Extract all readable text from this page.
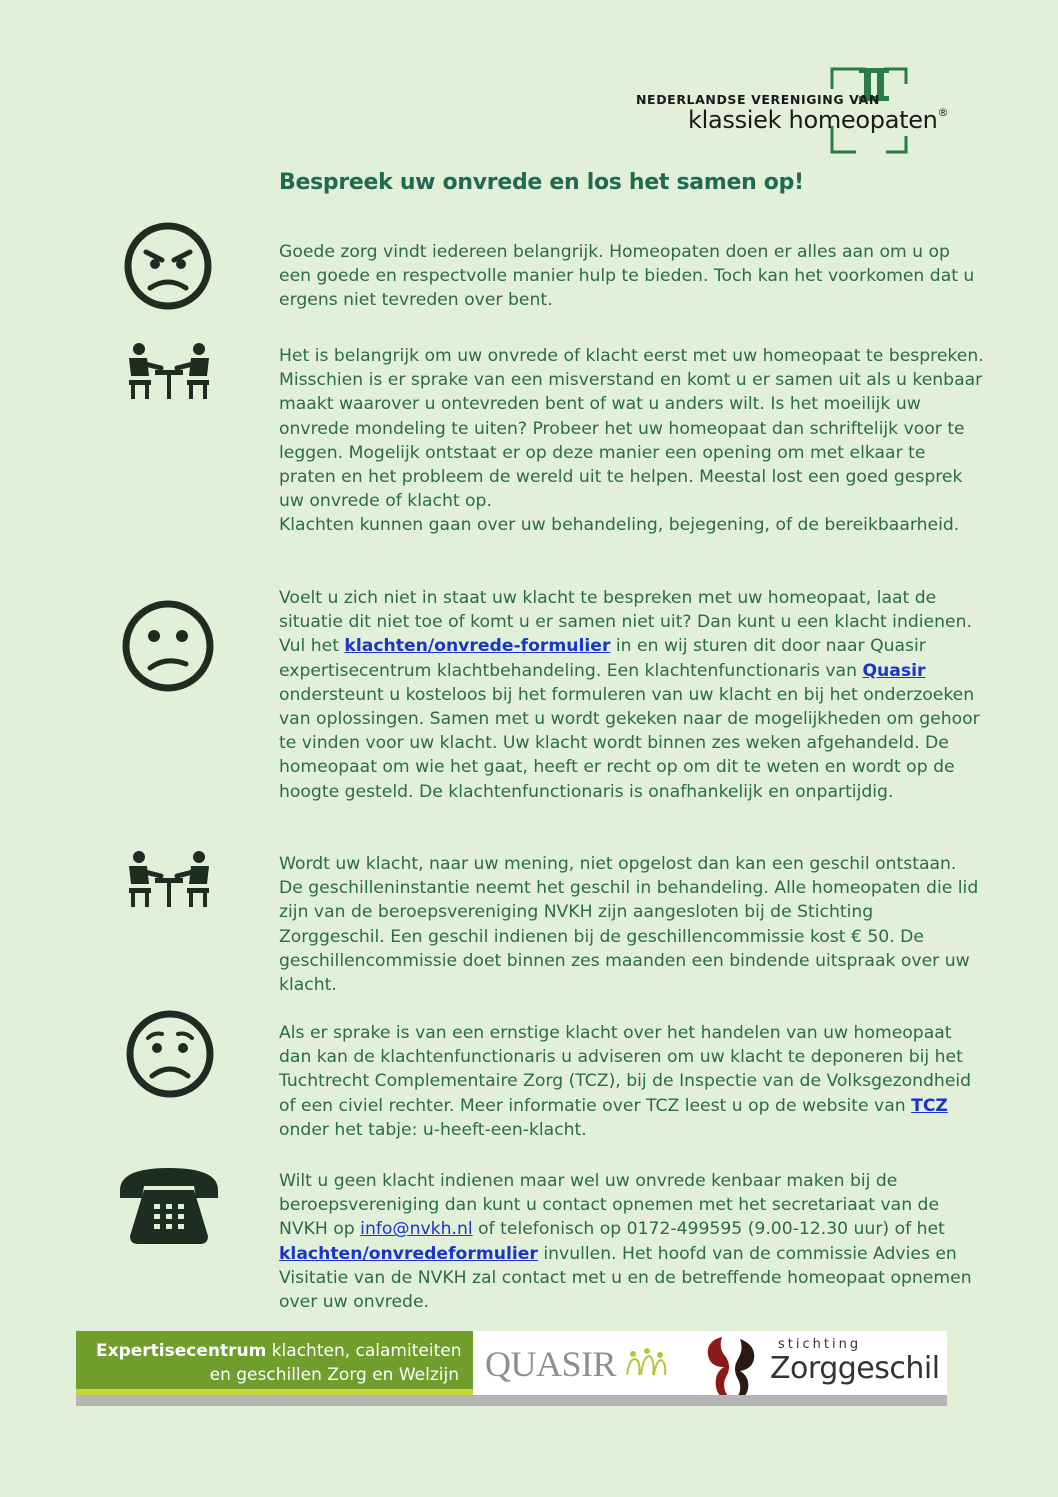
NEDERLANDSE VERENIGING VAN
klassiek homeopaten®
Bespreek uw onvrede en los het samen op!

Goede zorg vindt iedereen belangrijk. Homeopaten doen er alles aan om u op een goede en respectvolle manier hulp te bieden. Toch kan het voorkomen dat u ergens niet tevreden over bent.

Het is belangrijk om uw onvrede of klacht eerst met uw homeopaat te bespreken. Misschien is er sprake van een misverstand en komt u er samen uit als u kenbaar maakt waarover u ontevreden bent of wat u anders wilt. Is het moeilijk uw onvrede mondeling te uiten? Probeer het uw homeopaat dan schriftelijk voor te leggen. Mogelijk ontstaat er op deze manier een opening om met elkaar te praten en het probleem de wereld uit te helpen. Meestal lost een goed gesprek uw onvrede of klacht op.
Klachten kunnen gaan over uw behandeling, bejegening, of de bereikbaarheid.

Voelt u zich niet in staat uw klacht te bespreken met uw homeopaat, laat de situatie dit niet toe of komt u er samen niet uit? Dan kunt u een klacht indienen. Vul het klachten/onvrede-formulier in en wij sturen dit door naar Quasir expertisecentrum klachtbehandeling. Een klachtenfunctionaris van Quasir ondersteunt u kosteloos bij het formuleren van uw klacht en bij het onderzoeken van oplossingen. Samen met u wordt gekeken naar de mogelijkheden om gehoor te vinden voor uw klacht. Uw klacht wordt binnen zes weken afgehandeld. De homeopaat om wie het gaat, heeft er recht op om dit te weten en wordt op de hoogte gesteld. De klachtenfunctionaris is onafhankelijk en onpartijdig.

Wordt uw klacht, naar uw mening, niet opgelost dan kan een geschil ontstaan. De geschilleninstantie neemt het geschil in behandeling. Alle homeopaten die lid zijn van de beroepsvereniging NVKH zijn aangesloten bij de Stichting Zorggeschil. Een geschil indienen bij de geschillencommissie kost € 50. De geschillencommissie doet binnen zes maanden een bindende uitspraak over uw klacht.

Als er sprake is van een ernstige klacht over het handelen van uw homeopaat dan kan de klachtenfunctionaris u adviseren om uw klacht te deponeren bij het Tuchtrecht Complementaire Zorg (TCZ), bij de Inspectie van de Volksgezondheid of een civiel rechter. Meer informatie over TCZ leest u op de website van TCZ onder het tabje: u-heeft-een-klacht.

Wilt u geen klacht indienen maar wel uw onvrede kenbaar maken bij de beroepsvereniging dan kunt u contact opnemen met het secretariaat van de NVKH op info@nvkh.nl of telefonisch op 0172-499595 (9.00-12.30 uur) of het klachten/onvredeformulier invullen. Het hoofd van de commissie Advies en Visitatie van de NVKH zal contact met u en de betreffende homeopaat opnemen over uw onvrede.

Expertisecentrum klachten, calamiteiten
en geschillen Zorg en Welzijn QUASIR	stichting
Zorggeschil
